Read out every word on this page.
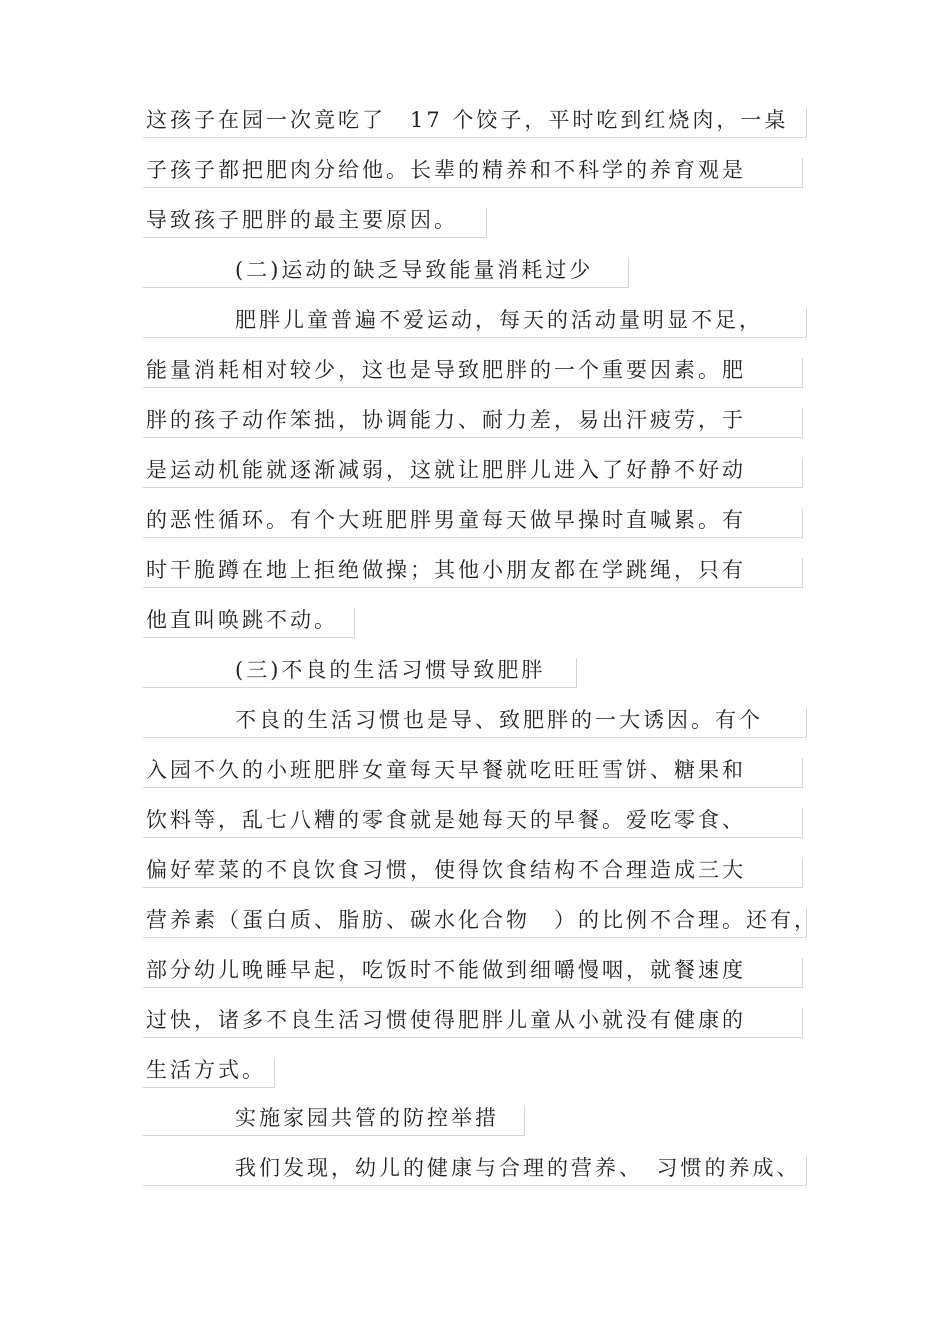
这孩子在园一次竟吃了　17 个饺子，平时吃到红烧肉，一桌
子孩子都把肥肉分给他。长辈的精养和不科学的养育观是
导致孩子肥胖的最主要原因。
(二)运动的缺乏导致能量消耗过少
肥胖儿童普遍不爱运动，每天的活动量明显不足，
能量消耗相对较少，这也是导致肥胖的一个重要因素。肥
胖的孩子动作笨拙，协调能力、耐力差，易出汗疲劳，于
是运动机能就逐渐减弱，这就让肥胖儿进入了好静不好动
的恶性循环。有个大班肥胖男童每天做早操时直喊累。有
时干脆蹲在地上拒绝做操；其他小朋友都在学跳绳，只有
他直叫唤跳不动。
(三)不良的生活习惯导致肥胖
不良的生活习惯也是导、致肥胖的一大诱因。有个
入园不久的小班肥胖女童每天早餐就吃旺旺雪饼、糖果和
饮料等，乱七八糟的零食就是她每天的早餐。爱吃零食、
偏好荤菜的不良饮食习惯，使得饮食结构不合理造成三大
营养素（蛋白质、脂肪、碳水化合物　）的比例不合理。还有，
部分幼儿晚睡早起，吃饭时不能做到细嚼慢咽，就餐速度
过快，诸多不良生活习惯使得肥胖儿童从小就没有健康的
生活方式。
实施家园共管的防控举措
我们发现，幼儿的健康与合理的营养、　习惯的养成、
